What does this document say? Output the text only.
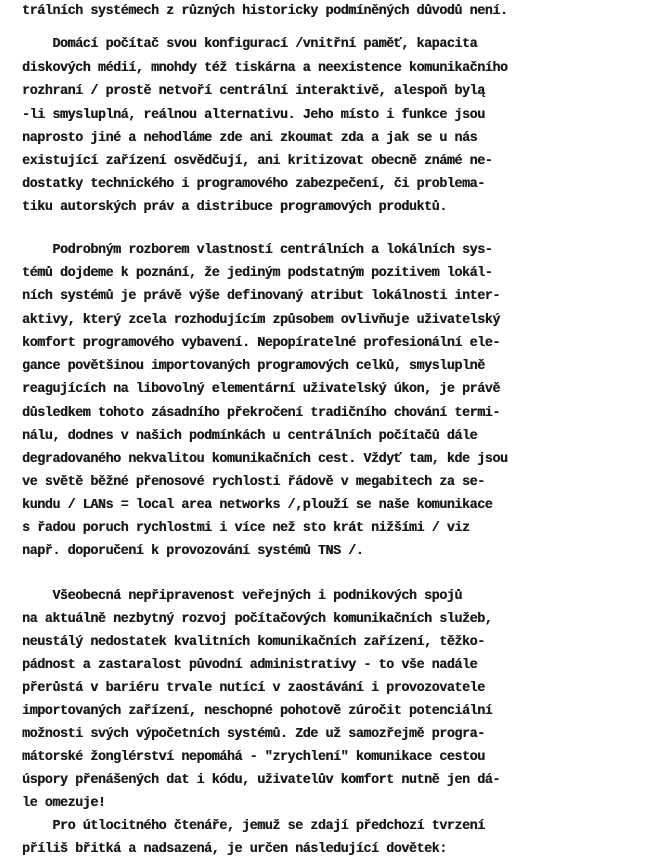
trálních systémech z různých historicky podmíněných důvodů není.
Domácí počítač svou konfigurací /vnitřní paměť, kapacita
diskových médií, mnohdy též tiskárna a neexistence komunikačního
rozhraní / prostě netvoří centrální interaktivě, alespoň bylą
-li smysluplná, reálnou alternativu. Jeho místo i funkce jsou
naprosto jiné a nehodláme zde ani zkoumat zda a jak se u nás
existující zařízení osvědčují, ani kritizovat obecně známé ne-
dostatky technického i programového zabezpečení, či problema-
tiku autorských práv a distribuce programových produktů.
Podrobným rozborem vlastností centrálních a lokálních sys-
témů dojdeme k poznání, že jediným podstatným pozitivem lokál-
ních systémů je právě výše definovaný atribut lokálnosti inter-
aktivy, který zcela rozhodujícím způsobem ovlivňuje uživatelský
komfort programového vybavení. Nepopíratelné profesionální ele-
gance povětšinou importovaných programových celků, smysluplně
reagujících na libovolný elementární uživatelský úkon, je právě
důsledkem tohoto zásadního překročení tradičního chování termi-
nálu, dodnes v našich podmínkách u centrálních počítačů dále
degradovaného nekvalitou komunikačních cest. Vždyť tam, kde jsou
ve světě běžné přenosové rychlosti řádově v megabitech za se-
kundu / LANs = local area networks /,plouží se naše komunikace
s řadou poruch rychlostmi i více než sto krát nižšími / viz
např. doporučení k provozování systémů TNS /.
Všeobecná nepřipravenost veřejných i podnikových spojů
na aktuálně nezbytný rozvoj počítačových komunikačních služeb,
neustálý nedostatek kvalitních komunikačních zařízení, těžko-
pádnost a zastaralost původní administrativy - to vše nadále
přerůstá v bariéru trvale nutící v zaostávání i provozovatele
importovaných zařízení, neschopné pohotově zúročit potenciální
možnosti svých výpočetních systémů. Zde už samozřejmě progra-
mátorské žonglérství nepomáhá - "zrychlení" komunikace cestou
úspory přenášených dat i kódu, uživatelův komfort nutně jen dá-
le omezuje!
Pro útlocitného čtenáře, jemuž se zdají předchozí tvrzení
příliš břitká a nadsazená, je určen následující dovětek:
